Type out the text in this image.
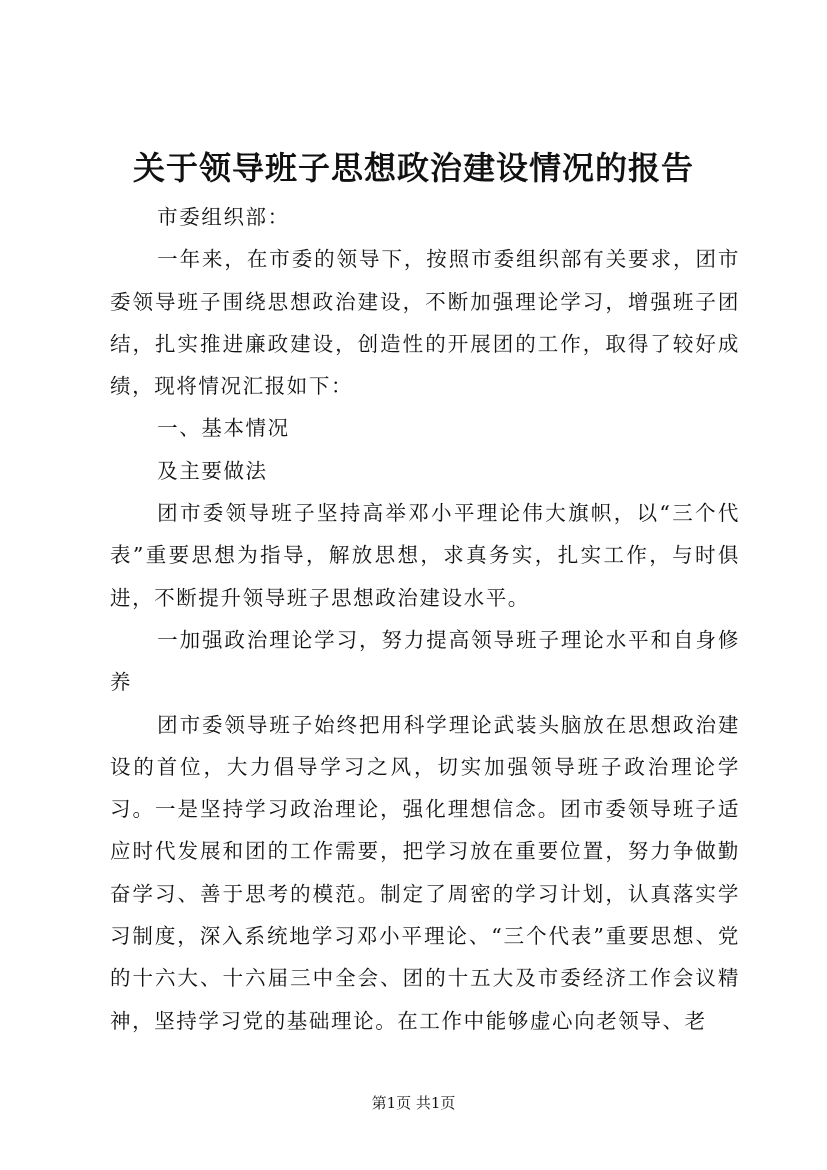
关于领导班子思想政治建设情况的报告

市委组织部：

一年来，在市委的领导下，按照市委组织部有关要求，团市委领导班子围绕思想政治建设，不断加强理论学习，增强班子团结，扎实推进廉政建设，创造性的开展团的工作，取得了较好成绩，现将情况汇报如下：

一、基本情况

及主要做法

团市委领导班子坚持高举邓小平理论伟大旗帜，以“三个代表”重要思想为指导，解放思想，求真务实，扎实工作，与时俱进，不断提升领导班子思想政治建设水平。

一加强政治理论学习，努力提高领导班子理论水平和自身修养

团市委领导班子始终把用科学理论武装头脑放在思想政治建设的首位，大力倡导学习之风，切实加强领导班子政治理论学习。一是坚持学习政治理论，强化理想信念。团市委领导班子适应时代发展和团的工作需要，把学习放在重要位置，努力争做勤奋学习、善于思考的模范。制定了周密的学习计划，认真落实学习制度，深入系统地学习邓小平理论、“三个代表”重要思想、党的十六大、十六届三中全会、团的十五大及市委经济工作会议精神，坚持学习党的基础理论。在工作中能够虚心向老领导、老

第1页 共1页
